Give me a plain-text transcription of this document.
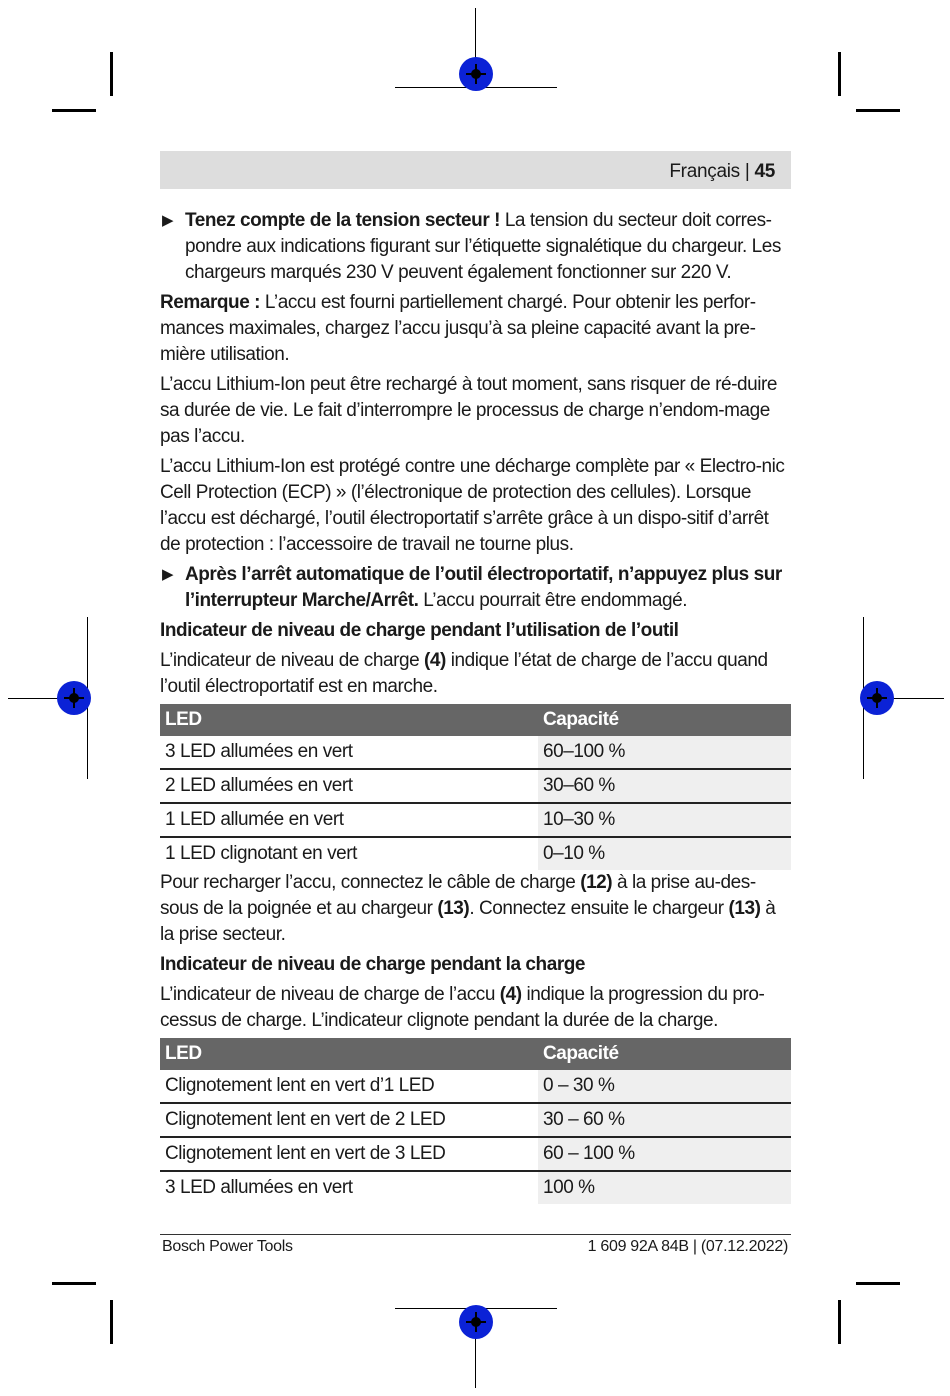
Français | 45
▶ Tenez compte de la tension secteur ! La tension du secteur doit corres-pondre aux indications figurant sur l’étiquette signalétique du chargeur. Les chargeurs marqués 230 V peuvent également fonctionner sur 220 V.

Remarque : L’accu est fourni partiellement chargé. Pour obtenir les perfor-mances maximales, chargez l’accu jusqu’à sa pleine capacité avant la pre-mière utilisation.

L’accu Lithium-Ion peut être rechargé à tout moment, sans risquer de ré-duire sa durée de vie. Le fait d’interrompre le processus de charge n’endom-mage pas l’accu.

L’accu Lithium-Ion est protégé contre une décharge complète par « Electro-nic Cell Protection (ECP) » (l’électronique de protection des cellules). Lorsque l’accu est déchargé, l’outil électroportatif s’arrête grâce à un dispo-sitif d’arrêt de protection : l’accessoire de travail ne tourne plus.

▶ Après l’arrêt automatique de l’outil électroportatif, n’appuyez plus sur l’interrupteur Marche/Arrêt. L’accu pourrait être endommagé.
Indicateur de niveau de charge pendant l’utilisation de l’outil

L’indicateur de niveau de charge (4) indique l’état de charge de l’accu quand l’outil électroportatif est en marche.

LED	Capacité
3 LED allumées en vert	60–100 %
2 LED allumées en vert	30–60 %
1 LED allumée en vert	10–30 %
1 LED clignotant en vert	0–10 %

Pour recharger l’accu, connectez le câble de charge (12) à la prise au-des-sous de la poignée et au chargeur (13). Connectez ensuite le chargeur (13) à la prise secteur.

Indicateur de niveau de charge pendant la charge

L’indicateur de niveau de charge de l’accu (4) indique la progression du pro-cessus de charge. L’indicateur clignote pendant la durée de la charge.

LED	Capacité
Clignotement lent en vert d’1 LED	0 – 30 %
Clignotement lent en vert de 2 LED	30 – 60 %
Clignotement lent en vert de 3 LED	60 – 100 %
3 LED allumées en vert	100 %
Bosch Power Tools	1 609 92A 84B | (07.12.2022)
